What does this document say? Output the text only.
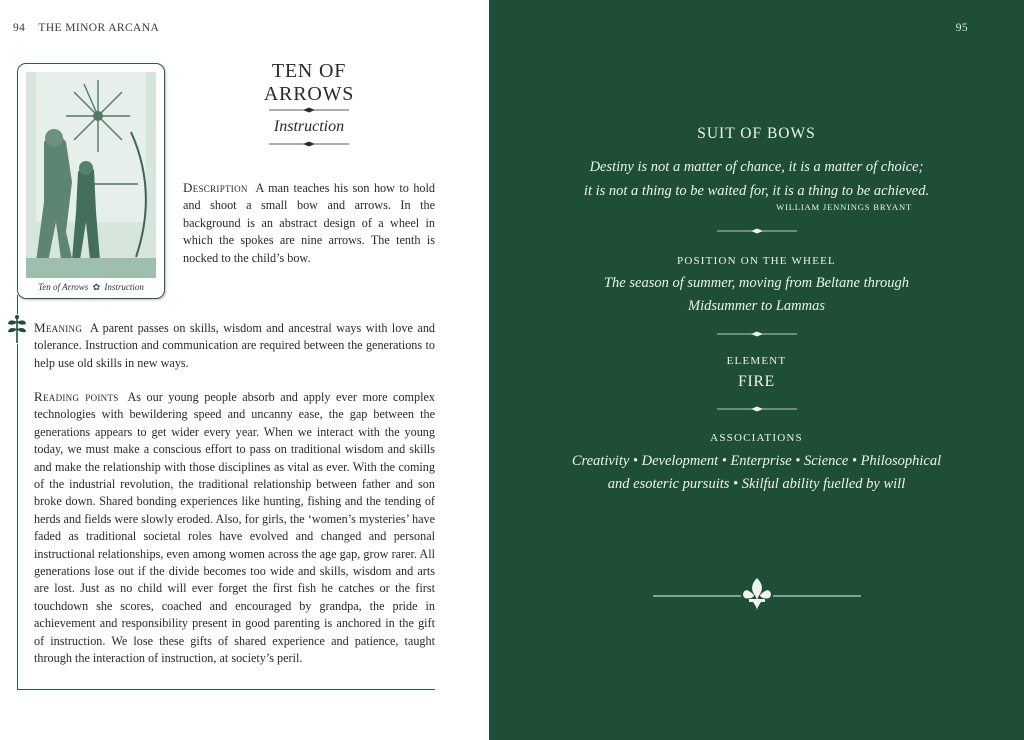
94 THE MINOR ARCANA
Ten of Arrows ✿ Instruction
TEN OF ARROWS
Instruction
Description A man teaches his son how to hold and shoot a small bow and arrows. In the background is an abstract design of a wheel in which the spokes are nine arrows. The tenth is nocked to the child’s bow.
Meaning A parent passes on skills, wisdom and ancestral ways with love and tolerance. Instruction and communication are required between the generations to help use old skills in new ways.
Reading points As our young people absorb and apply ever more complex technologies with bewildering speed and uncanny ease, the gap between the generations appears to get wider every year. When we interact with the young today, we must make a conscious effort to pass on traditional wisdom and skills and make the relationship with those disciplines as vital as ever. With the coming of the industrial revolution, the traditional relationship between father and son broke down. Shared bonding experiences like hunting, fishing and the tending of herds and fields were slowly eroded. Also, for girls, the ‘women’s mysteries’ have faded as traditional societal roles have evolved and changed and personal instructional relationships, even among women across the age gap, grow rarer. All generations lose out if the divide becomes too wide and skills, wisdom and arts are lost. Just as no child will ever forget the first fish he catches or the first touchdown she scores, coached and encouraged by grandpa, the pride in achievement and responsibility present in good parenting is anchored in the gift of instruction. We lose these gifts of shared experience and patience, taught through the interaction of instruction, at society’s peril.
95
SUIT OF BOWS
Destiny is not a matter of chance, it is a matter of choice;
it is not a thing to be waited for, it is a thing to be achieved.
WILLIAM JENNINGS BRYANT
POSITION ON THE WHEEL
The season of summer, moving from Beltane through
Midsummer to Lammas
ELEMENT
FIRE
ASSOCIATIONS
Creativity • Development • Enterprise • Science • Philosophical
and esoteric pursuits • Skilful ability fuelled by will
